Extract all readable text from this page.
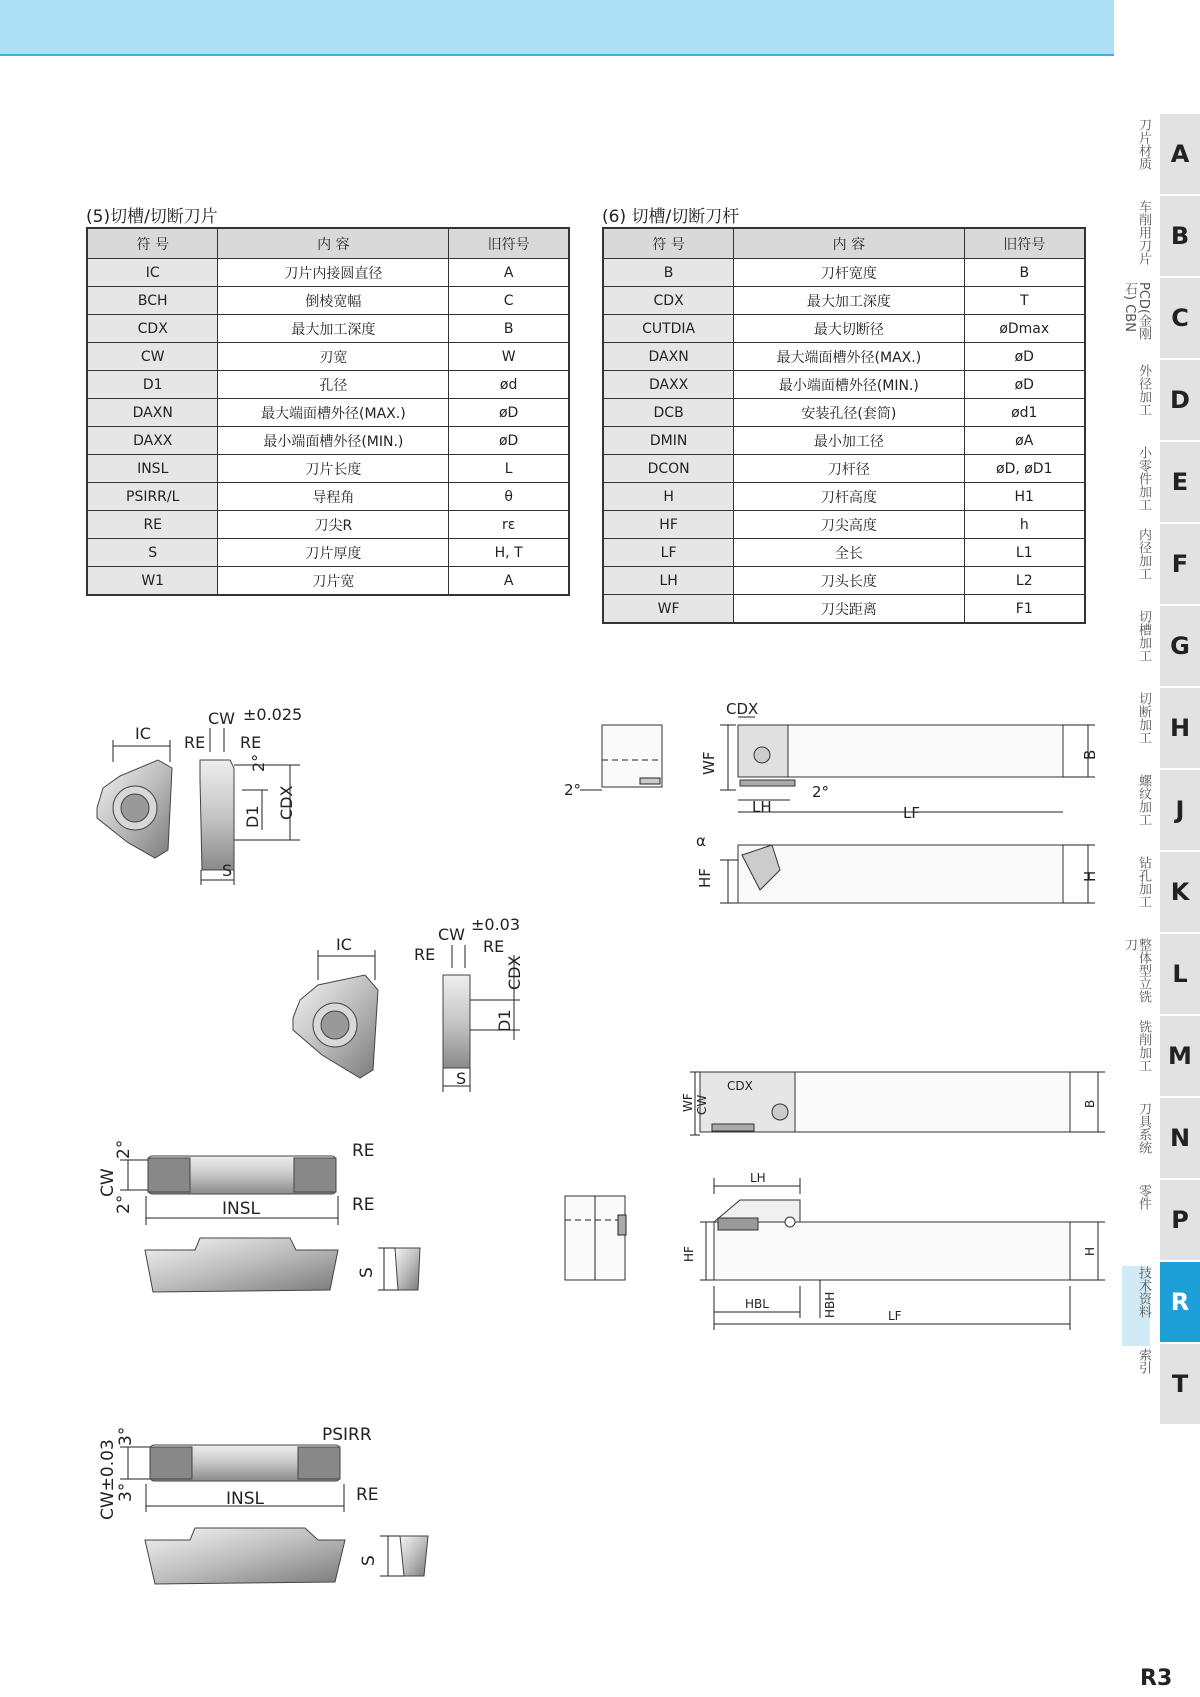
(5)切槽/切断刀片	(6) 切槽/切断刀杆
符 号	内 容	旧符号
IC	刀片内接圆直径	A
BCH	倒棱宽幅	C
CDX	最大加工深度	B
CW	刃宽	W
D1	孔径	ød
DAXN	最大端面槽外径(MAX.)	øD
DAXX	最小端面槽外径(MIN.)	øD
INSL	刀片长度	L
PSIRR/L	导程角	θ
RE	刀尖R	rε
S	刀片厚度	H, T
W1	刀片宽	A
符 号	内 容	旧符号
B	刀杆宽度	B
CDX	最大加工深度	T
CUTDIA	最大切断径	øDmax
DAXN	最大端面槽外径(MAX.)	øD
DAXX	最小端面槽外径(MIN.)	øD
DCB	安装孔径(套筒)	ød1
DMIN	最小加工径	øA
DCON	刀杆径	øD, øD1
H	刀杆高度	H1
HF	刀尖高度	h
LF	全长	L1
LH	刀头长度	L2
WF	刀尖距离	F1
IC
CW ±0.025
RE RE
S
D1 CDX
2°
IC
CW
±0.03
RE	RE
S
D1
CDX
CW
2°
2°	INSL
RE
RE
S
CW±0.03
3°
3°	INSL
PSIRR
RE
S
CDX
WF
2°	2°
LH	LF
B
α
HF	H
CDX
WF CW	B
LH
HF	H
HBL	HBH	LF
刀片材质 A
车削用刀片 B
PCD(金刚石) CBN	C
外径加工 D
小零件加工 E
内径加工 F
切槽加工 G
切断加工 H
螺纹加工	J
钻孔加工 K
整体型立铣刀
L
铣削加工 M
刀具系统 N
零件
P
技术资料 R
索引
T
R3
